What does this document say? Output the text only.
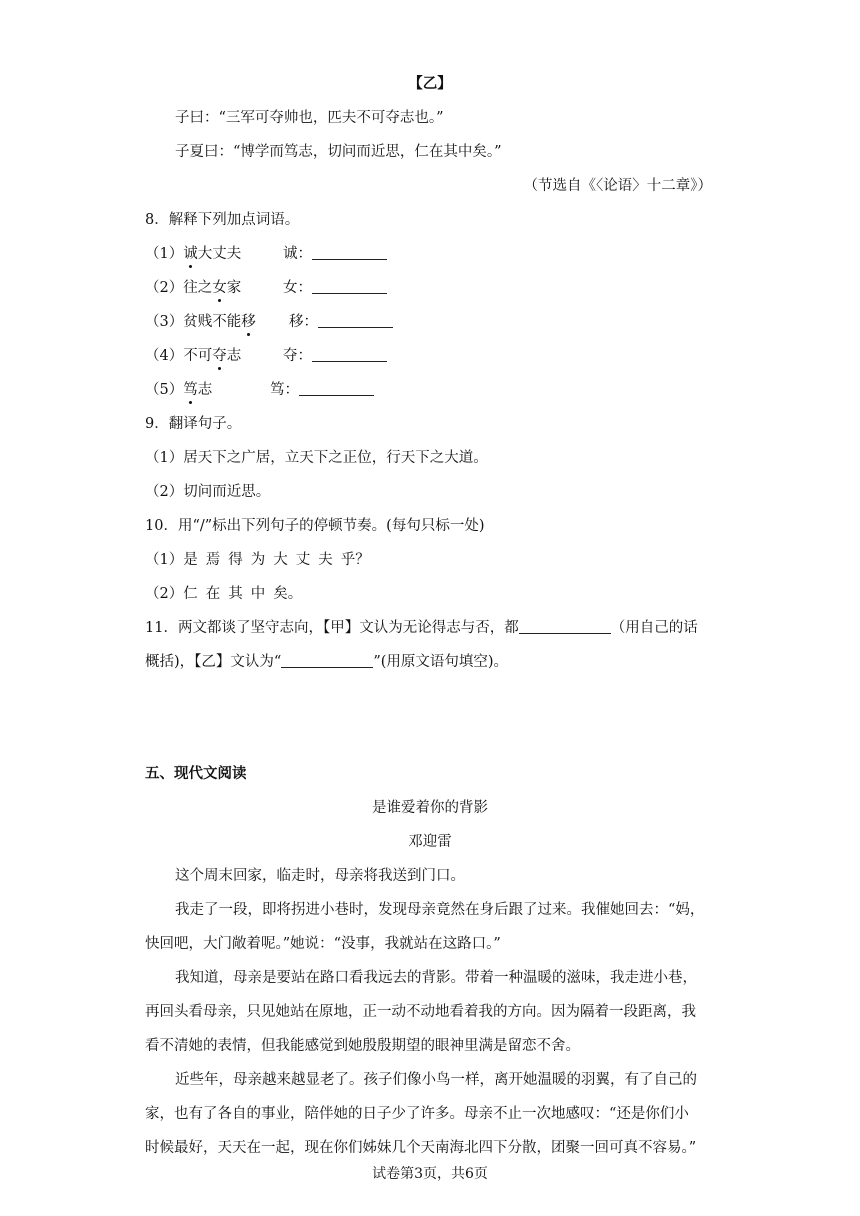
【乙】
子曰：“三军可夺帅也，匹夫不可夺志也。”
子夏曰：“博学而笃志，切问而近思，仁在其中矣。”
（节选自《〈论语〉十二章》）
8．解释下列加点词语。
（1）诚大丈夫	诚：
（2）往之女家	女：
（3）贫贱不能移 移：
（4）不可夺志	夺：
（5）笃志	笃：
9．翻译句子。
（1）居天下之广居，立天下之正位，行天下之大道。
（2）切问而近思。
10．用“/”标出下列句子的停顿节奏。(每句只标一处)
（1）是 焉 得 为 大 丈 夫 乎？
（2）仁 在 其 中 矣。
11．两文都谈了坚守志向，【甲】文认为无论得志与否，都	（用自己的话
概括)，【乙】文认为“	”(用原文语句填空)。
五、现代文阅读
是谁爱着你的背影
邓迎雷
这个周末回家，临走时，母亲将我送到门口。
我走了一段，即将拐进小巷时，发现母亲竟然在身后跟了过来。我催她回去：“妈，
快回吧，大门敞着呢。”她说：“没事，我就站在这路口。”
我知道，母亲是要站在路口看我远去的背影。带着一种温暖的滋味，我走进小巷，
再回头看母亲，只见她站在原地，正一动不动地看着我的方向。因为隔着一段距离，我
看不清她的表情，但我能感觉到她殷殷期望的眼神里满是留恋不舍。
近些年，母亲越来越显老了。孩子们像小鸟一样，离开她温暖的羽翼，有了自己的
家，也有了各自的事业，陪伴她的日子少了许多。母亲不止一次地感叹：“还是你们小
时候最好，天天在一起，现在你们姊妹几个天南海北四下分散，团聚一回可真不容易。”
试卷第3页，共6页
